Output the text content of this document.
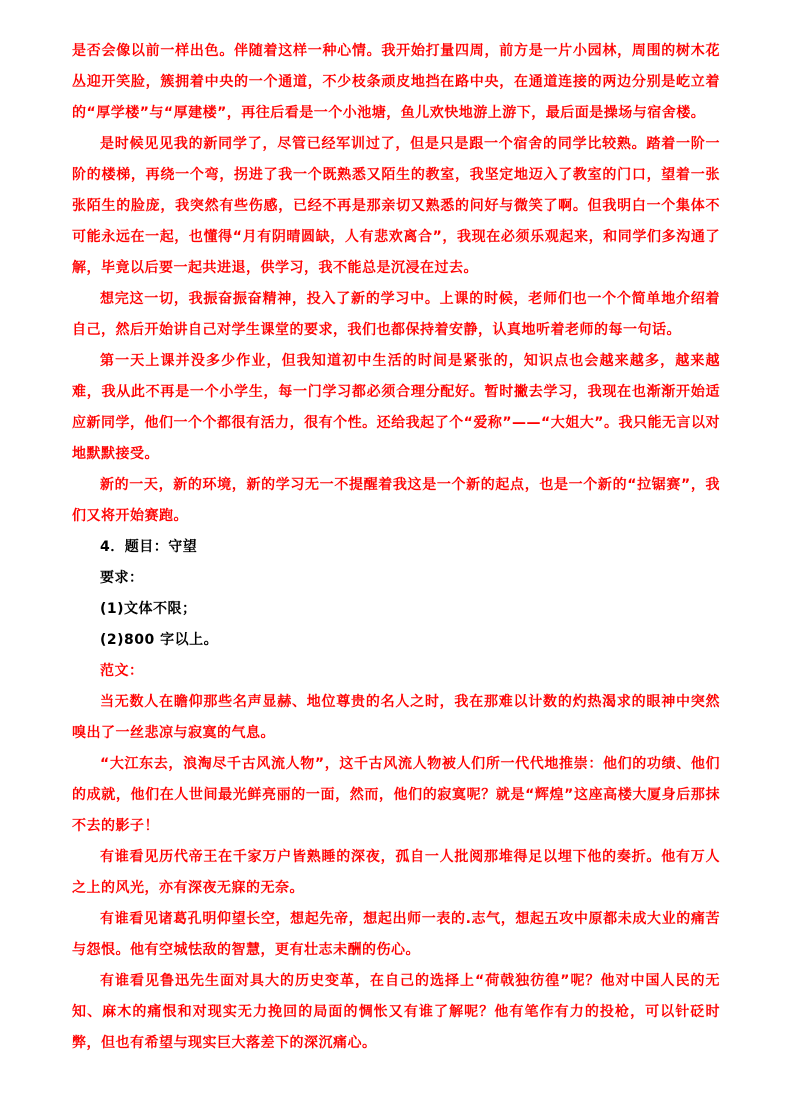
是否会像以前一样出色。伴随着这样一种心情。我开始打量四周，前方是一片小园林，周围的树木花丛迎开笑脸，簇拥着中央的一个通道，不少枝条顽皮地挡在路中央，在通道连接的两边分别是屹立着的“厚学楼”与“厚建楼”，再往后看是一个小池塘，鱼儿欢快地游上游下，最后面是操场与宿舍楼。
是时候见见我的新同学了，尽管已经军训过了，但是只是跟一个宿舍的同学比较熟。踏着一阶一阶的楼梯，再绕一个弯，拐进了我一个既熟悉又陌生的教室，我坚定地迈入了教室的门口，望着一张张陌生的脸庞，我突然有些伤感，已经不再是那亲切又熟悉的问好与微笑了啊。但我明白一个集体不可能永远在一起，也懂得“月有阴晴圆缺，人有悲欢离合”，我现在必须乐观起来，和同学们多沟通了解，毕竟以后要一起共进退，供学习，我不能总是沉浸在过去。
想完这一切，我振奋振奋精神，投入了新的学习中。上课的时候，老师们也一个个简单地介绍着自己，然后开始讲自己对学生课堂的要求，我们也都保持着安静，认真地听着老师的每一句话。
第一天上课并没多少作业，但我知道初中生活的时间是紧张的，知识点也会越来越多，越来越难，我从此不再是一个小学生，每一门学习都必须合理分配好。暂时撇去学习，我现在也渐渐开始适应新同学，他们一个个都很有活力，很有个性。还给我起了个“爱称”——“大姐大”。我只能无言以对地默默接受。
新的一天，新的环境，新的学习无一不提醒着我这是一个新的起点，也是一个新的“拉锯赛”，我们又将开始赛跑。
4．题目：守望
要求：
(1)文体不限；
(2)800 字以上。
范文：
当无数人在瞻仰那些名声显赫、地位尊贵的名人之时，我在那难以计数的灼热渴求的眼神中突然嗅出了一丝悲凉与寂寞的气息。
“大江东去，浪淘尽千古风流人物”，这千古风流人物被人们所一代代地推崇：他们的功绩、他们的成就，他们在人世间最光鲜亮丽的一面，然而，他们的寂寞呢？就是“辉煌”这座高楼大厦身后那抹不去的影子！
有谁看见历代帝王在千家万户皆熟睡的深夜，孤自一人批阅那堆得足以埋下他的奏折。他有万人之上的风光，亦有深夜无寐的无奈。
有谁看见诸葛孔明仰望长空，想起先帝，想起出师一表的.志气，想起五攻中原都未成大业的痛苦与怨恨。他有空城怯敌的智慧，更有壮志未酬的伤心。
有谁看见鲁迅先生面对具大的历史变革，在自己的选择上“荷戟独彷徨”呢？他对中国人民的无知、麻木的痛恨和对现实无力挽回的局面的惆怅又有谁了解呢？他有笔作有力的投枪，可以针砭时弊，但也有希望与现实巨大落差下的深沉痛心。
